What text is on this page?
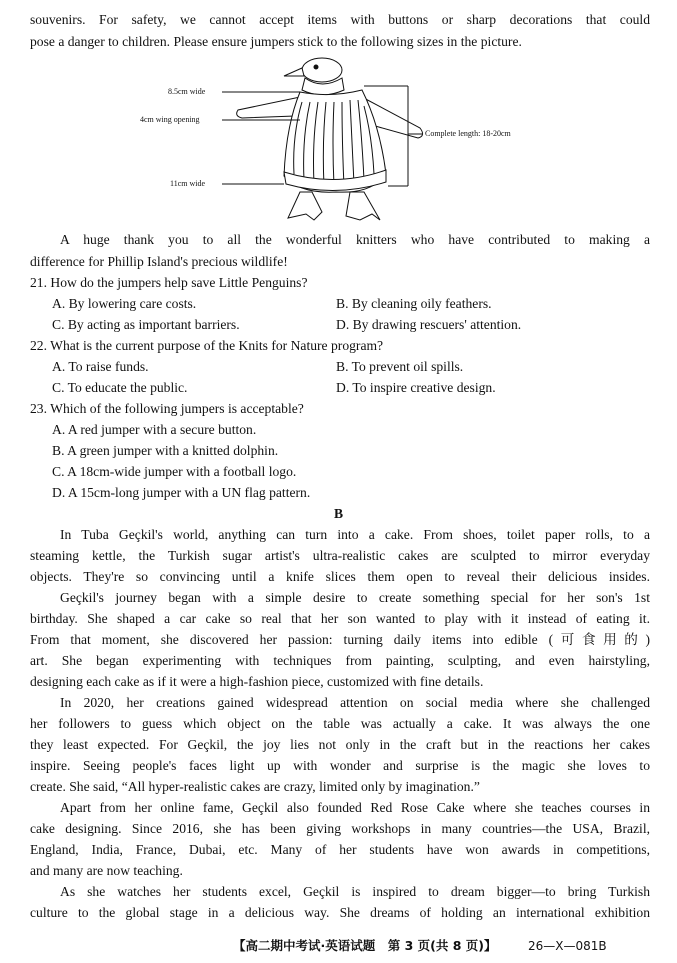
souvenirs. For safety, we cannot accept items with buttons or sharp decorations that could
pose a danger to children. Please ensure jumpers stick to the following sizes in the picture.
8.5cm wide
4cm wing opening
Complete length: 18-20cm
11cm wide
A huge thank you to all the wonderful knitters who have contributed to making a
difference for Phillip Island's precious wildlife!
21. How do the jumpers help save Little Penguins?
A. By lowering care costs.	B. By cleaning oily feathers.
C. By acting as important barriers.	D. By drawing rescuers' attention.
22. What is the current purpose of the Knits for Nature program?
A. To raise funds.	B. To prevent oil spills.
C. To educate the public.	D. To inspire creative design.
23. Which of the following jumpers is acceptable?
A. A red jumper with a secure button.
B. A green jumper with a knitted dolphin.
C. A 18cm-wide jumper with a football logo.
D. A 15cm-long jumper with a UN flag pattern.
B
In Tuba Geçkil's world, anything can turn into a cake. From shoes, toilet paper rolls, to a
steaming kettle, the Turkish sugar artist's ultra-realistic cakes are sculpted to mirror everyday
objects. They're so convincing until a knife slices them open to reveal their delicious insides.
Geçkil's journey began with a simple desire to create something special for her son's 1st
birthday. She shaped a car cake so real that her son wanted to play with it instead of eating it.
From that moment, she discovered her passion: turning daily items into edible (可食用的)
art. She began experimenting with techniques from painting, sculpting, and even hairstyling,
designing each cake as if it were a high-fashion piece, customized with fine details.
In 2020, her creations gained widespread attention on social media where she challenged
her followers to guess which object on the table was actually a cake. It was always the one
they least expected. For Geçkil, the joy lies not only in the craft but in the reactions her cakes
inspire. Seeing people's faces light up with wonder and surprise is the magic she loves to
create. She said, “All hyper-realistic cakes are crazy, limited only by imagination.”
Apart from her online fame, Geçkil also founded Red Rose Cake where she teaches courses in
cake designing. Since 2016, she has been giving workshops in many countries—the USA, Brazil,
England, India, France, Dubai, etc. Many of her students have won awards in competitions,
and many are now teaching.
As she watches her students excel, Geçkil is inspired to dream bigger—to bring Turkish
culture to the global stage in a delicious way. She dreams of holding an international exhibition
【高二期中考试·英语试题　第 3 页(共 8 页)】	26—X—081B
